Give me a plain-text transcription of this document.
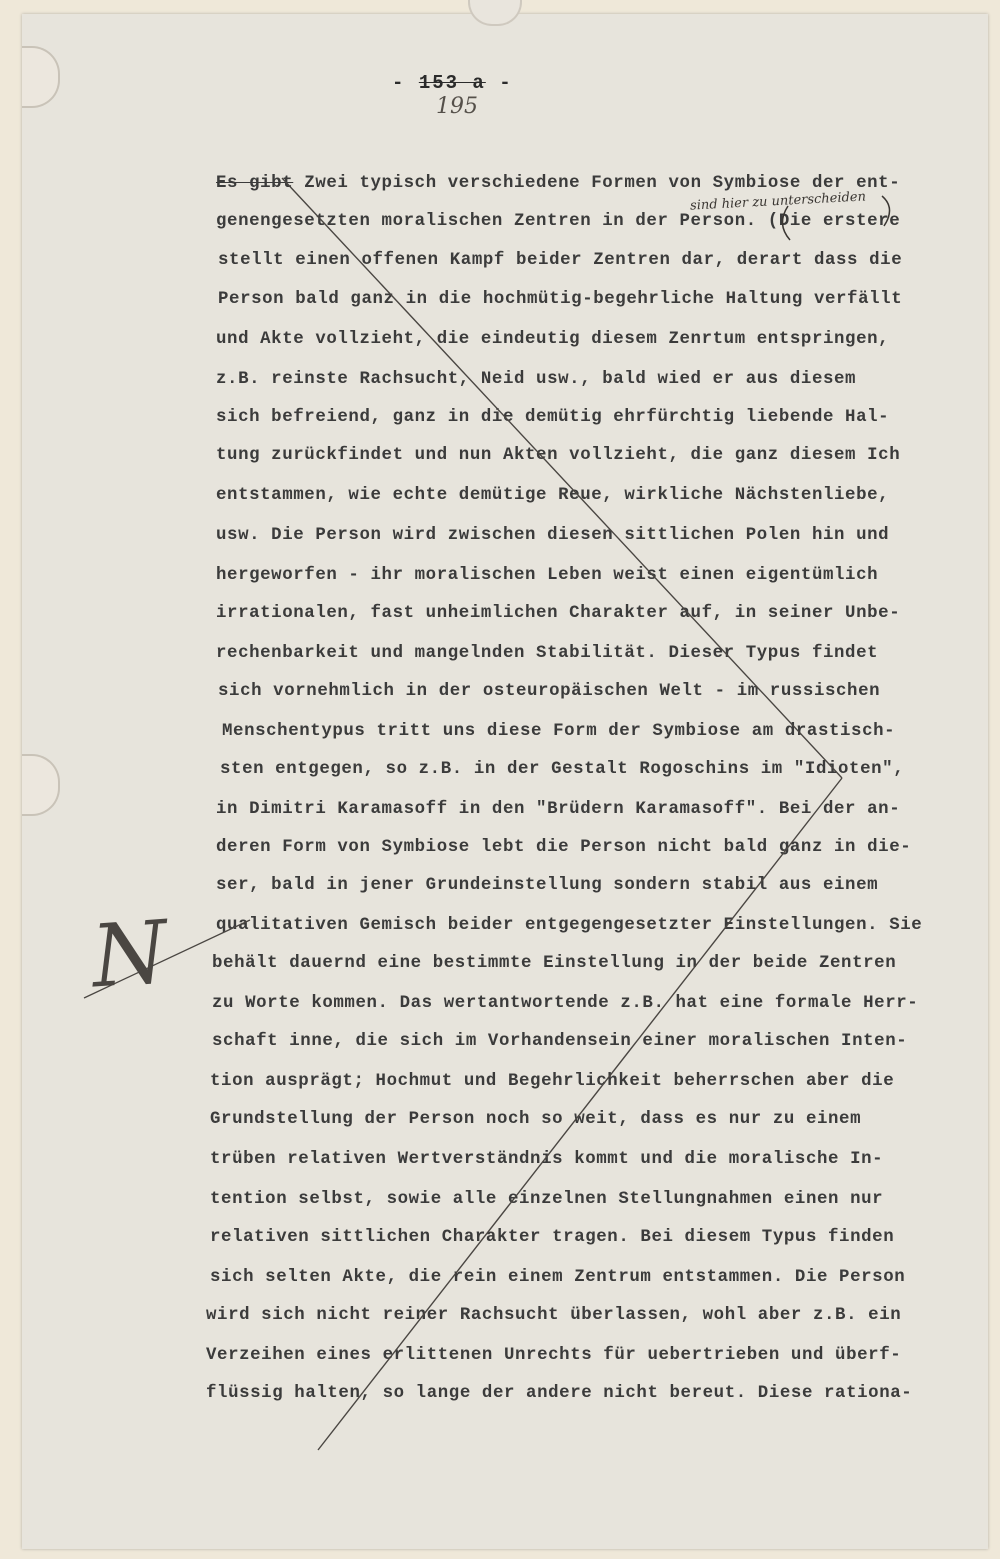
- 153 a -
195
sind hier zu unterscheiden
Es gibt Zwei typisch verschiedene Formen von Symbiose der ent-
genengesetzten moralischen Zentren in der Person. (Die erstere
stellt einen offenen Kampf beider Zentren dar, derart dass die
Person bald ganz in die hochmütig-begehrliche Haltung verfällt
und Akte vollzieht, die eindeutig diesem Zenrtum entspringen,
z.B. reinste Rachsucht, Neid usw., bald wied er aus diesem
sich befreiend, ganz in die demütig ehrfürchtig liebende Hal-
tung zurückfindet und nun Akten vollzieht, die ganz diesem Ich
entstammen, wie echte demütige Reue, wirkliche Nächstenliebe,
usw. Die Person wird zwischen diesen sittlichen Polen hin und
hergeworfen - ihr moralischen Leben weist einen eigentümlich
irrationalen, fast unheimlichen Charakter auf, in seiner Unbe-
rechenbarkeit und mangelnden Stabilität. Dieser Typus findet
sich vornehmlich in der osteuropäischen Welt - im russischen
Menschentypus tritt uns diese Form der Symbiose am drastisch-
sten entgegen, so z.B. in der Gestalt Rogoschins im "Idioten",
in Dimitri Karamasoff in den "Brüdern Karamasoff". Bei der an-
deren Form von Symbiose lebt die Person nicht bald ganz in die-
ser, bald in jener Grundeinstellung sondern stabil aus einem
qualitativen Gemisch beider entgegengesetzter Einstellungen. Sie
behält dauernd eine bestimmte Einstellung in der beide Zentren
zu Worte kommen. Das wertantwortende z.B. hat eine formale Herr-
schaft inne, die sich im Vorhandensein einer moralischen Inten-
tion ausprägt; Hochmut und Begehrlichkeit beherrschen aber die
Grundstellung der Person noch so weit, dass es nur zu einem
trüben relativen Wertverständnis kommt und die moralische In-
tention selbst, sowie alle einzelnen Stellungnahmen einen nur
relativen sittlichen Charakter tragen. Bei diesem Typus finden
sich selten Akte, die rein einem Zentrum entstammen. Die Person
wird sich nicht reiner Rachsucht überlassen, wohl aber z.B. ein
Verzeihen eines erlittenen Unrechts für uebertrieben und überf-
flüssig halten, so lange der andere nicht bereut. Diese rationa-
N
